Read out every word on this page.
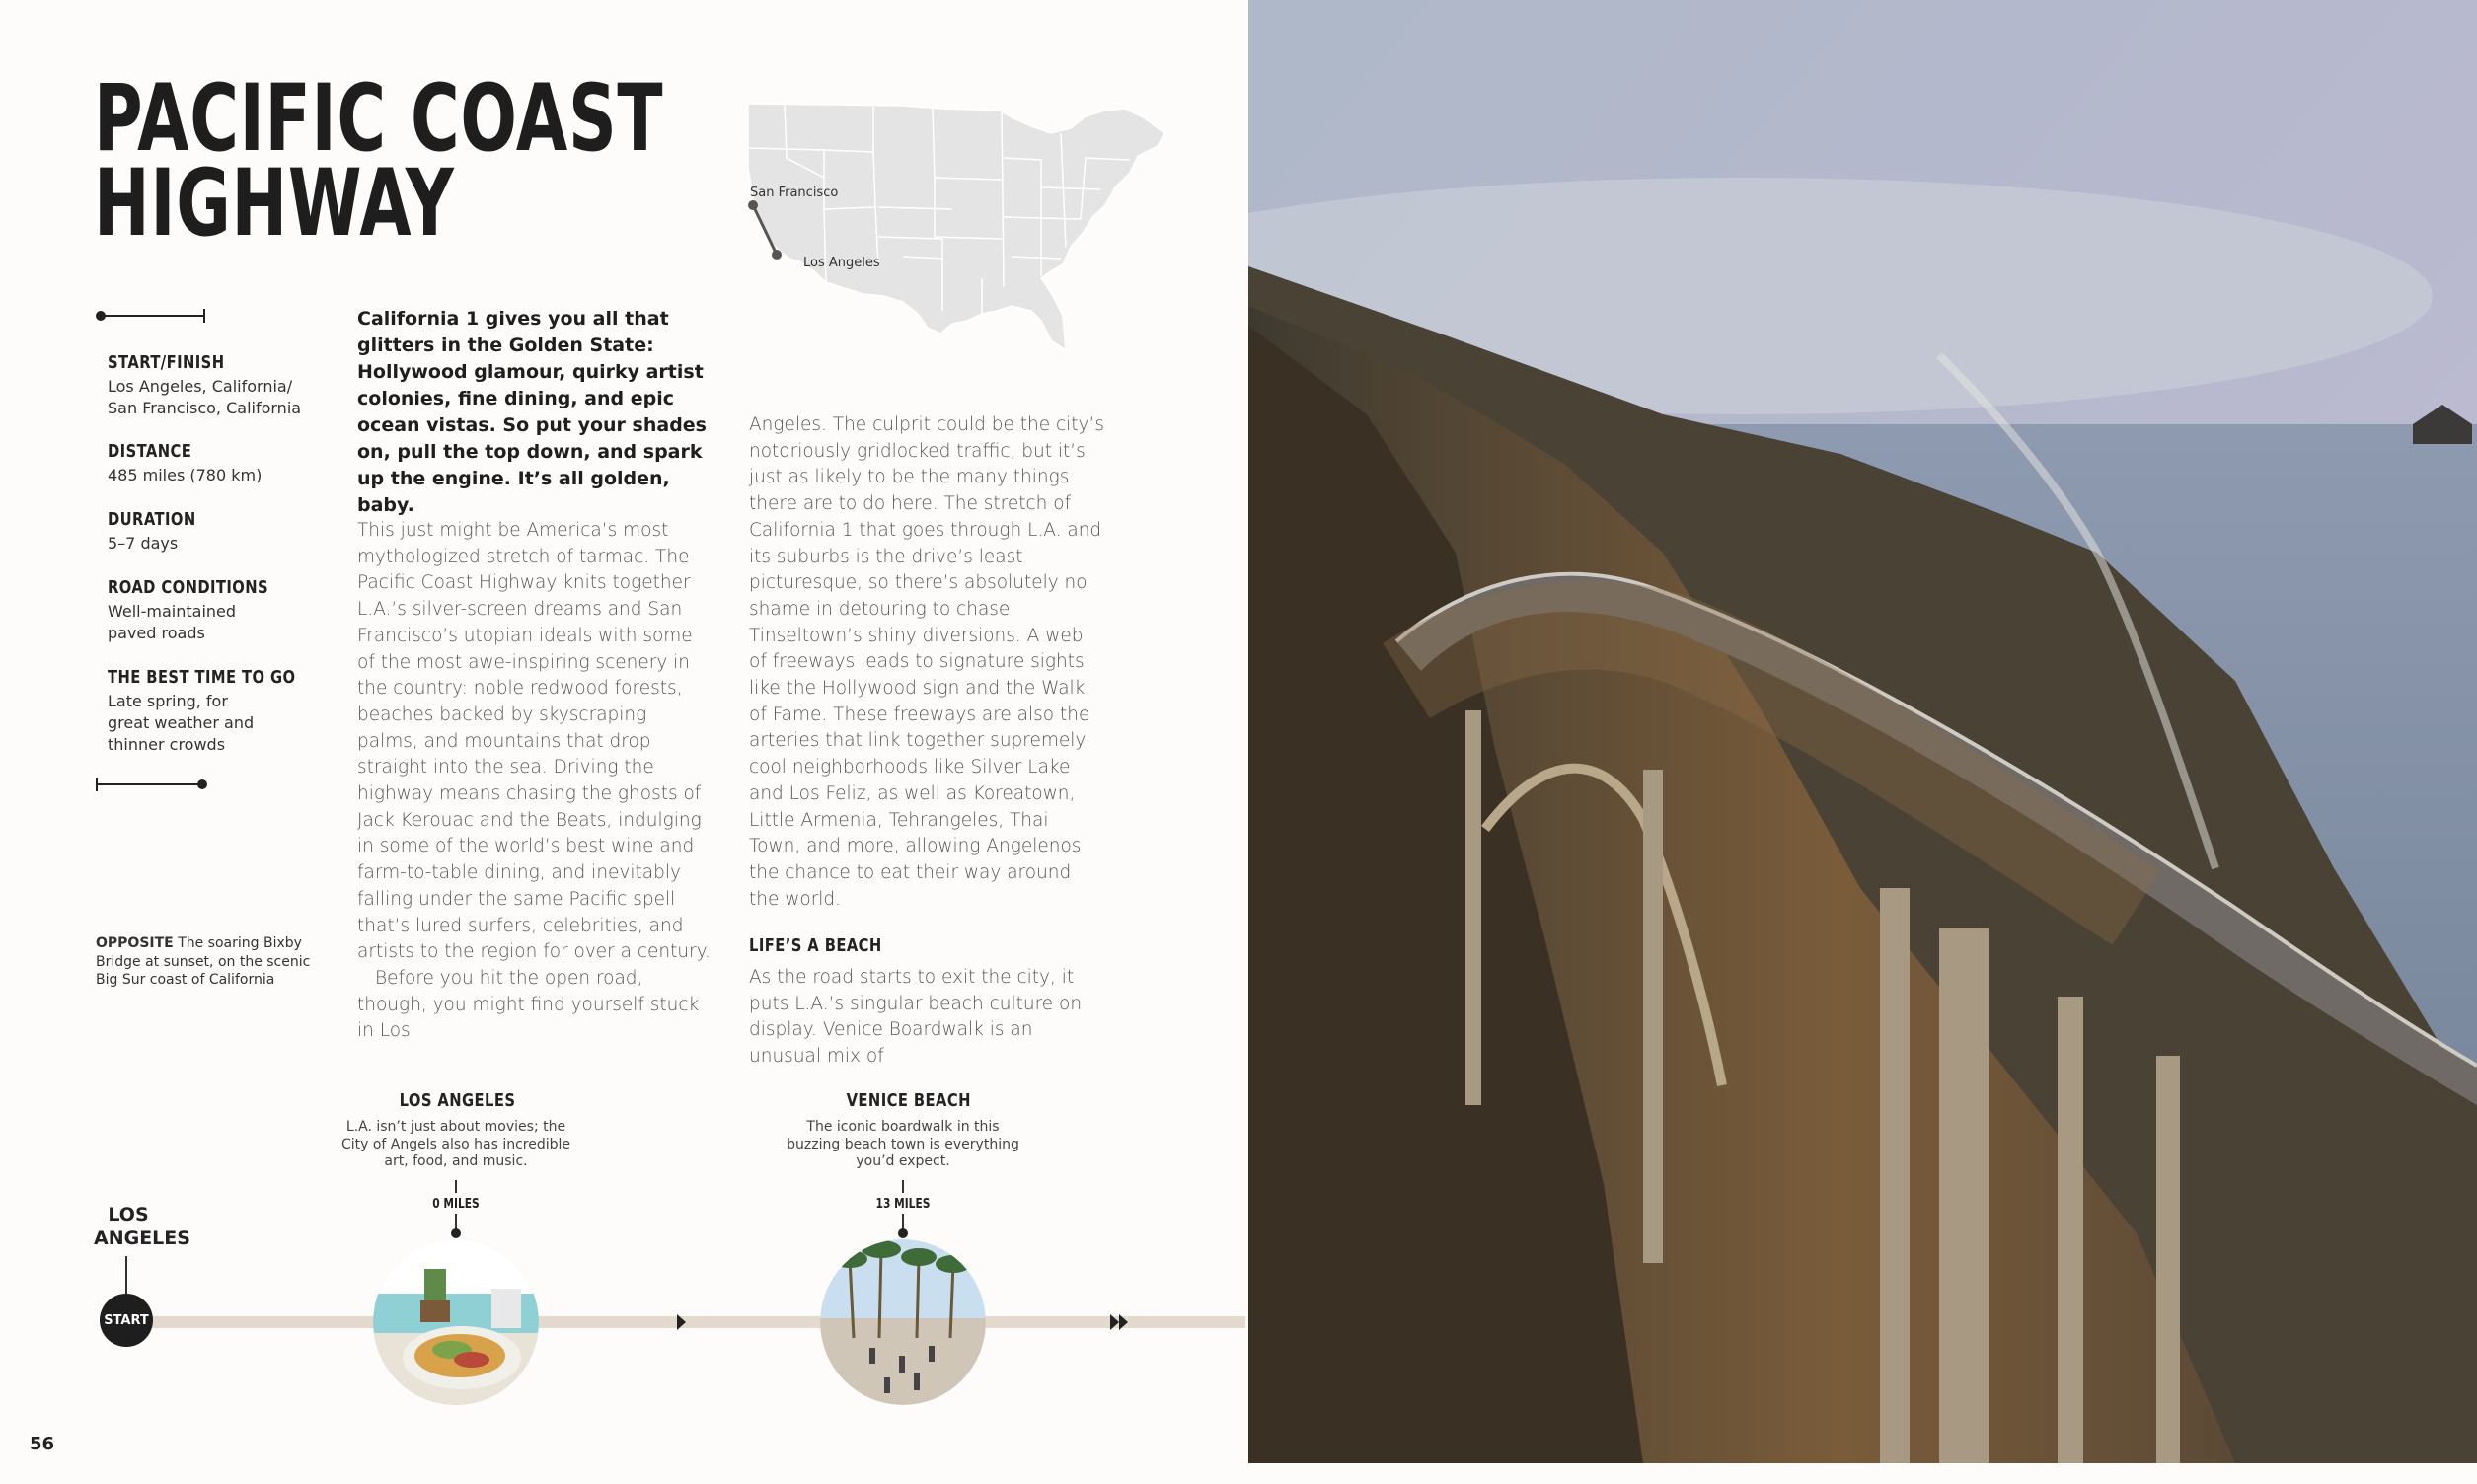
PACIFIC COAST
HIGHWAY	San Francisco
Los Angeles
START/FINISH
Los Angeles, California/ San Francisco, California
DISTANCE
485 miles (780 km)
DURATION
5–7 days
ROAD CONDITIONS
Well-maintained paved roads
THE BEST TIME TO GO
Late spring, for great weather and thinner crowds
OPPOSITE The soaring Bixby Bridge at sunset, on the scenic Big Sur coast of California
California 1 gives you all that glitters in the Golden State: Hollywood glamour, quirky artist colonies, fine dining, and epic ocean vistas. So put your shades on, pull the top down, and spark up the engine. It’s all golden, baby.

This just might be America’s most mythologized stretch of tarmac. The Pacific Coast Highway knits together L.A.’s silver-screen dreams and San Francisco’s utopian ideals with some of the most awe-inspiring scenery in the country: noble redwood forests, beaches backed by skyscraping palms, and mountains that drop straight into the sea. Driving the highway means chasing the ghosts of Jack Kerouac and the Beats, indulging in some of the world’s best wine and farm-to-table dining, and inevitably falling under the same Pacific spell that’s lured surfers, celebrities, and artists to the region for over a century.

Before you hit the open road, though, you might find yourself stuck in Los

Angeles. The culprit could be the city’s notoriously gridlocked traffic, but it’s just as likely to be the many things there are to do here. The stretch of California 1 that goes through L.A. and its suburbs is the drive’s least picturesque, so there’s absolutely no shame in detouring to chase Tinseltown’s shiny diversions. A web of freeways leads to signature sights like the Hollywood sign and the Walk of Fame. These freeways are also the arteries that link together supremely cool neighborhoods like Silver Lake and Los Feliz, as well as Koreatown, Little Armenia, Tehrangeles, Thai Town, and more, allowing Angelenos the chance to eat their way around the world.

LIFE’S A BEACH

As the road starts to exit the city, it puts L.A.’s singular beach culture on display. Venice Boardwalk is an unusual mix of

LOS ANGELES
START
LOS ANGELES
L.A. isn’t just about movies; the City of Angels also has incredible art, food, and music.
0 MILES
VENICE BEACH
The iconic boardwalk in this buzzing beach town is everything you’d expect.
13 MILES
56
